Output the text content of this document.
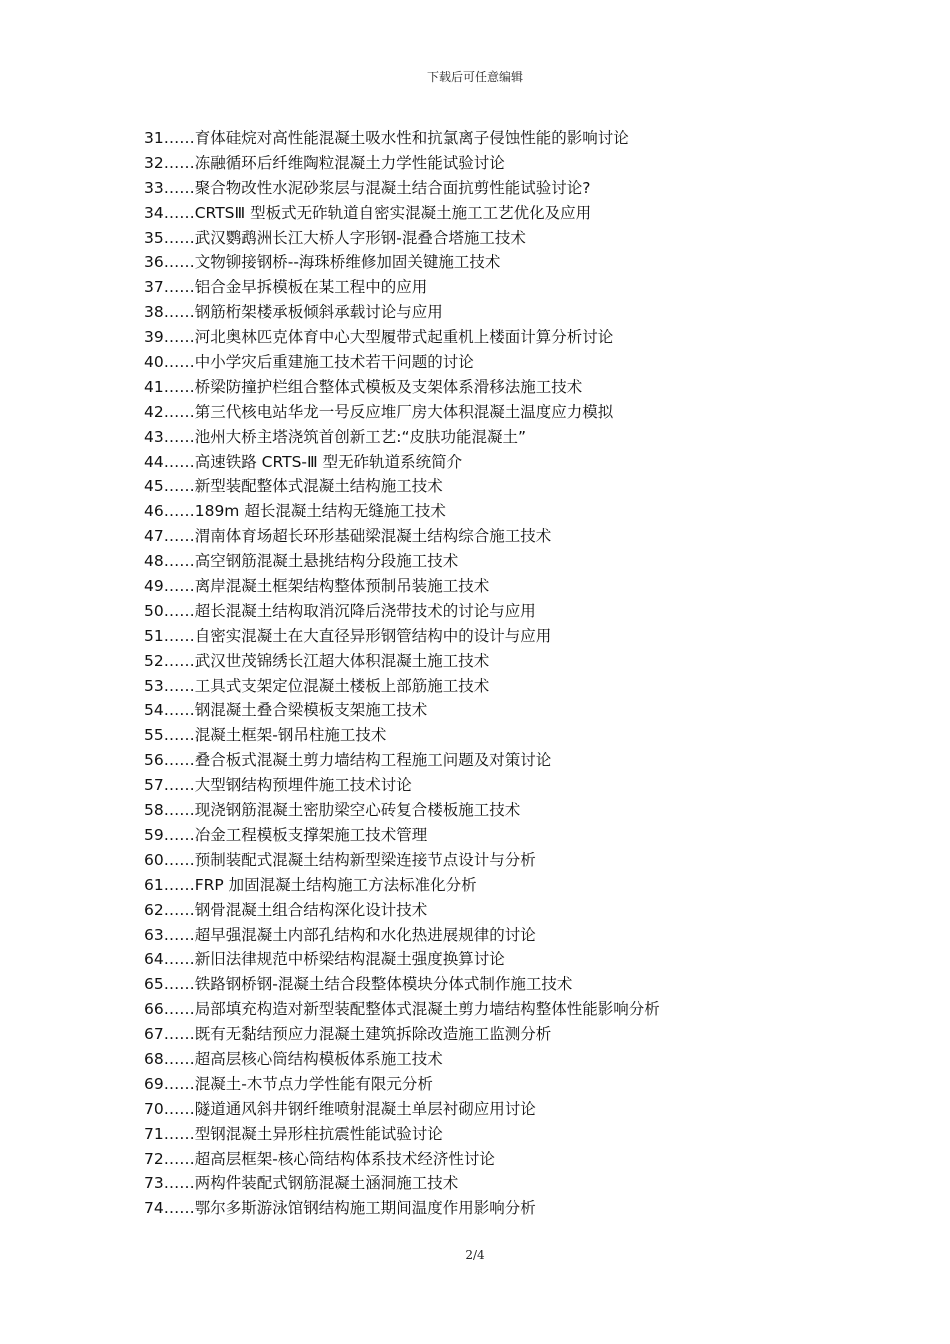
下载后可任意编辑
31……育体硅烷对高性能混凝土吸水性和抗氯离子侵蚀性能的影响讨论
32……冻融循环后纤维陶粒混凝土力学性能试验讨论
33……聚合物改性水泥砂浆层与混凝土结合面抗剪性能试验讨论?
34……CRTSⅢ 型板式无砟轨道自密实混凝土施工工艺优化及应用
35……武汉鹦鹉洲长江大桥人字形钢-混叠合塔施工技术
36……文物铆接钢桥--海珠桥维修加固关键施工技术
37……铝合金早拆模板在某工程中的应用
38……钢筋桁架楼承板倾斜承载讨论与应用
39……河北奥林匹克体育中心大型履带式起重机上楼面计算分析讨论
40……中小学灾后重建施工技术若干问题的讨论
41……桥梁防撞护栏组合整体式模板及支架体系滑移法施工技术
42……第三代核电站华龙一号反应堆厂房大体积混凝土温度应力模拟
43……池州大桥主塔浇筑首创新工艺:“皮肤功能混凝土”
44……高速铁路 CRTS-Ⅲ 型无砟轨道系统简介
45……新型装配整体式混凝土结构施工技术
46……189m 超长混凝土结构无缝施工技术
47……渭南体育场超长环形基础梁混凝土结构综合施工技术
48……高空钢筋混凝土悬挑结构分段施工技术
49……离岸混凝土框架结构整体预制吊装施工技术
50……超长混凝土结构取消沉降后浇带技术的讨论与应用
51……自密实混凝土在大直径异形钢管结构中的设计与应用
52……武汉世茂锦绣长江超大体积混凝土施工技术
53……工具式支架定位混凝土楼板上部筋施工技术
54……钢混凝土叠合梁模板支架施工技术
55……混凝土框架-钢吊柱施工技术
56……叠合板式混凝土剪力墙结构工程施工问题及对策讨论
57……大型钢结构预埋件施工技术讨论
58……现浇钢筋混凝土密肋梁空心砖复合楼板施工技术
59……冶金工程模板支撑架施工技术管理
60……预制装配式混凝土结构新型梁连接节点设计与分析
61……FRP 加固混凝土结构施工方法标准化分析
62……钢骨混凝土组合结构深化设计技术
63……超早强混凝土内部孔结构和水化热进展规律的讨论
64……新旧法律规范中桥梁结构混凝土强度换算讨论
65……铁路钢桥钢-混凝土结合段整体模块分体式制作施工技术
66……局部填充构造对新型装配整体式混凝土剪力墙结构整体性能影响分析
67……既有无黏结预应力混凝土建筑拆除改造施工监测分析
68……超高层核心筒结构模板体系施工技术
69……混凝土-木节点力学性能有限元分析
70……隧道通风斜井钢纤维喷射混凝土单层衬砌应用讨论
71……型钢混凝土异形柱抗震性能试验讨论
72……超高层框架-核心筒结构体系技术经济性讨论
73……两构件装配式钢筋混凝土涵洞施工技术
74……鄂尔多斯游泳馆钢结构施工期间温度作用影响分析
2/4
